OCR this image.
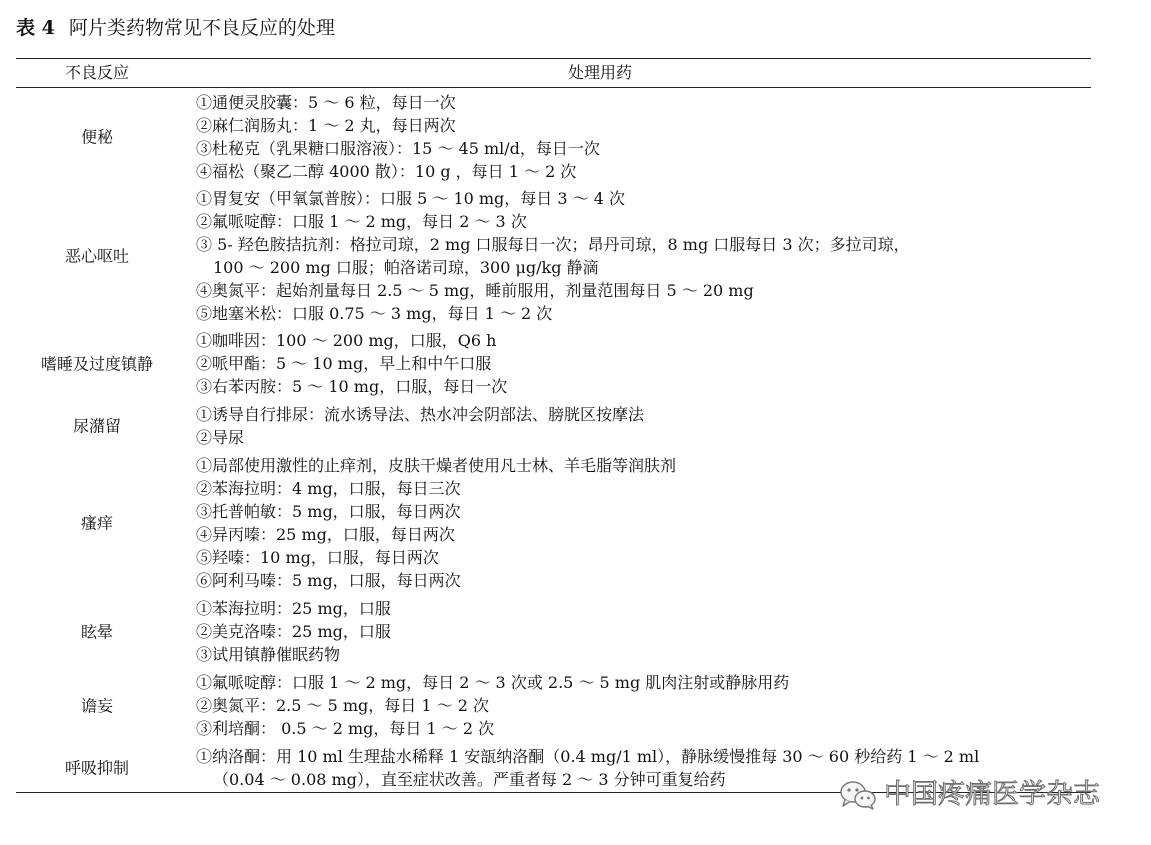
表 4 阿片类药物常见不良反应的处理
不良反应	处理用药
便秘
①通便灵胶囊：5 ～ 6 粒，每日一次
②麻仁润肠丸：1 ～ 2 丸，每日两次
③杜秘克（乳果糖口服溶液）：15 ～ 45 ml/d，每日一次
④福松（聚乙二醇 4000 散）：10 g ，每日 1 ～ 2 次
恶心呕吐
①胃复安（甲氧氯普胺）：口服 5 ～ 10 mg，每日 3 ～ 4 次
②氟哌啶醇：口服 1 ～ 2 mg，每日 2 ～ 3 次
③ 5- 羟色胺拮抗剂：格拉司琼，2 mg 口服每日一次；昂丹司琼，8 mg 口服每日 3 次；多拉司琼，
100 ～ 200 mg 口服；帕洛诺司琼，300 μg/kg 静滴
④奥氮平：起始剂量每日 2.5 ～ 5 mg，睡前服用，剂量范围每日 5 ～ 20 mg
⑤地塞米松：口服 0.75 ～ 3 mg，每日 1 ～ 2 次
嗜睡及过度镇静
①咖啡因：100 ～ 200 mg，口服，Q6 h
②哌甲酯：5 ～ 10 mg，早上和中午口服
③右苯丙胺：5 ～ 10 mg，口服，每日一次
尿潴留
①诱导自行排尿：流水诱导法、热水冲会阴部法、膀胱区按摩法
②导尿
瘙痒
①局部使用激性的止痒剂，皮肤干燥者使用凡士林、羊毛脂等润肤剂
②苯海拉明：4 mg，口服，每日三次
③托普帕敏：5 mg，口服，每日两次
④异丙嗪：25 mg，口服，每日两次
⑤羟嗪：10 mg，口服，每日两次
⑥阿利马嗪：5 mg，口服，每日两次
眩晕
①苯海拉明：25 mg，口服
②美克洛嗪：25 mg，口服
③试用镇静催眠药物
谵妄
①氟哌啶醇：口服 1 ～ 2 mg，每日 2 ～ 3 次或 2.5 ～ 5 mg 肌肉注射或静脉用药
②奥氮平：2.5 ～ 5 mg，每日 1 ～ 2 次
③利培酮： 0.5 ～ 2 mg，每日 1 ～ 2 次
呼吸抑制
①纳洛酮：用 10 ml 生理盐水稀释 1 安瓿纳洛酮（0.4 mg/1 ml），静脉缓慢推每 30 ～ 60 秒给药 1 ～ 2 ml
（0.04 ～ 0.08 mg），直至症状改善。严重者每 2 ～ 3 分钟可重复给药	中国疼痛医学杂志
